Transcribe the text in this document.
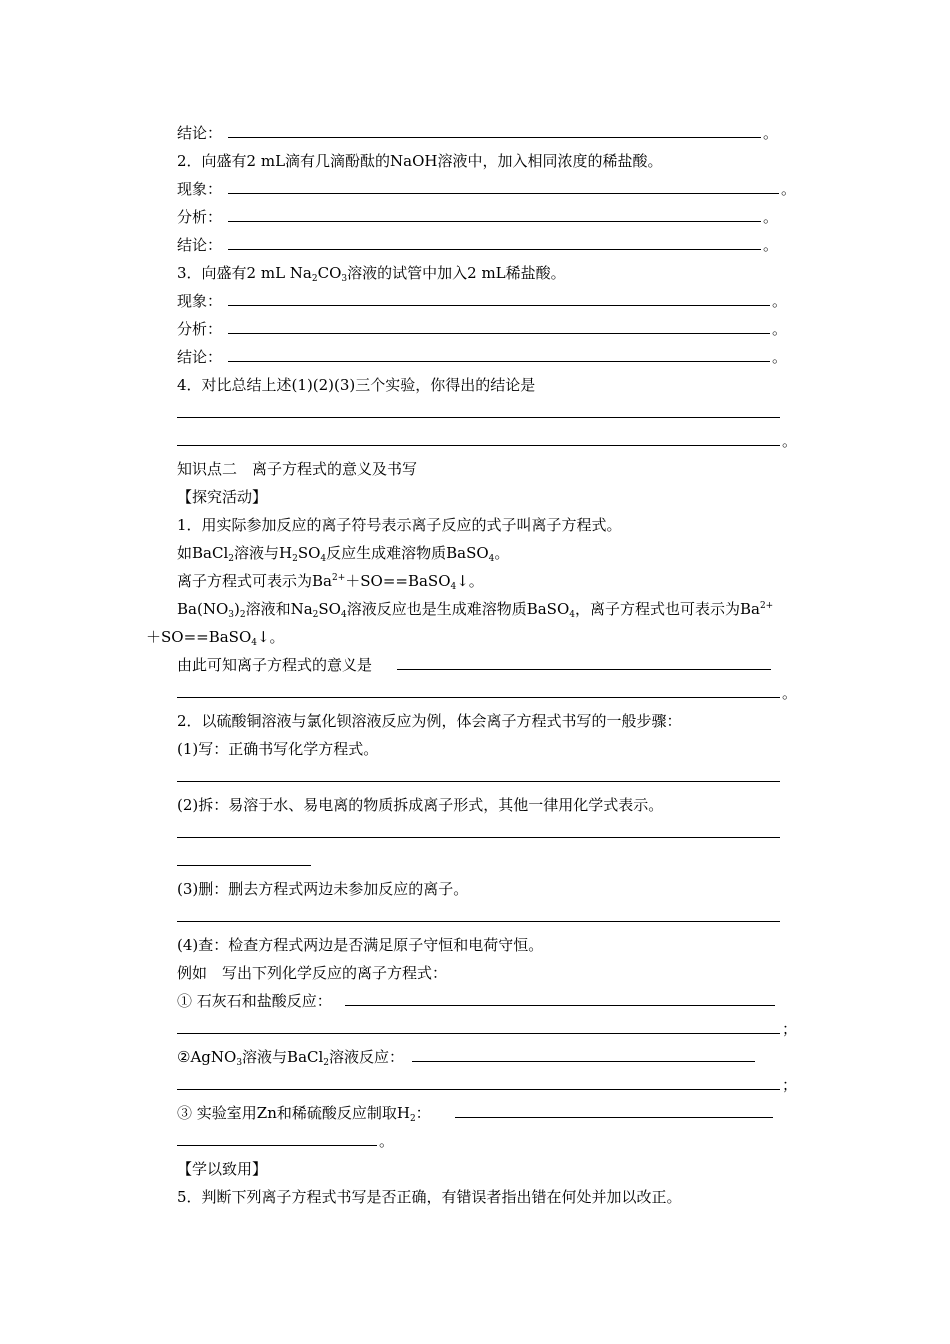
结论：	。
2．向盛有2 mL滴有几滴酚酞的NaOH溶液中，加入相同浓度的稀盐酸。
现象：	。
分析：	。
结论：	。
3．向盛有2 mL $Na_2CO_3$溶液的试管中加入2 mL稀盐酸。
现象：	。
分析：	。
结论：	。
4．对比总结上述(1)(2)(3)三个实验，你得出的结论是
。
知识点二　离子方程式的意义及书写
【探究活动】
1．用实际参加反应的离子符号表示离子反应的式子叫离子方程式。
如BaCl$_2$溶液与$H_2SO_4$反应生成难溶物质BaSO$_4$。
离子方程式可表示为$Ba^{2+}+SO==BaSO_4↓$。
$Ba(NO_3)_2$溶液和$Na_2SO_4$溶液反应也是生成难溶物质BaSO$_4$，离子方程式也可表示为$Ba^{2+}$
＋SO==BaSO$_4$↓。
由此可知离子方程式的意义是
。
2．以硫酸铜溶液与氯化钡溶液反应为例，体会离子方程式书写的一般步骤：
(1)写：正确书写化学方程式。
(2)拆：易溶于水、易电离的物质拆成离子形式，其他一律用化学式表示。
(3)删：删去方程式两边未参加反应的离子。
(4)查：检查方程式两边是否满足原子守恒和电荷守恒。
例如　写出下列化学反应的离子方程式：
① 石灰石和盐酸反应：
；
②AgNO$_3$溶液与BaCl$_2$溶液反应：
；
③ 实验室用Zn和稀硫酸反应制取$H_2$：
。
【学以致用】
5．判断下列离子方程式书写是否正确，有错误者指出错在何处并加以改正。
